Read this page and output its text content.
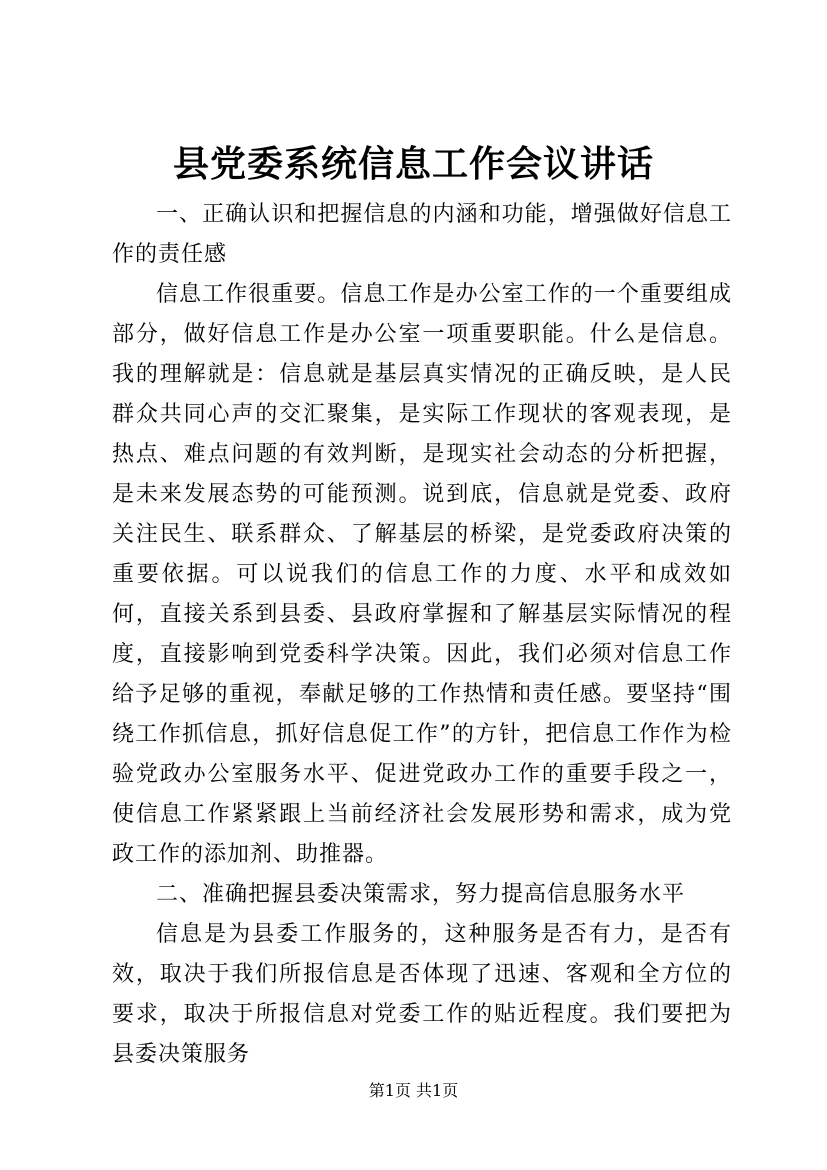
县党委系统信息工作会议讲话

一、正确认识和把握信息的内涵和功能，增强做好信息工作的责任感

信息工作很重要。信息工作是办公室工作的一个重要组成部分，做好信息工作是办公室一项重要职能。什么是信息。我的理解就是：信息就是基层真实情况的正确反映，是人民群众共同心声的交汇聚集，是实际工作现状的客观表现，是热点、难点问题的有效判断，是现实社会动态的分析把握，是未来发展态势的可能预测。说到底，信息就是党委、政府关注民生、联系群众、了解基层的桥梁，是党委政府决策的重要依据。可以说我们的信息工作的力度、水平和成效如何，直接关系到县委、县政府掌握和了解基层实际情况的程度，直接影响到党委科学决策。因此，我们必须对信息工作给予足够的重视，奉献足够的工作热情和责任感。要坚持“围绕工作抓信息，抓好信息促工作”的方针，把信息工作作为检验党政办公室服务水平、促进党政办工作的重要手段之一，使信息工作紧紧跟上当前经济社会发展形势和需求，成为党政工作的添加剂、助推器。

二、准确把握县委决策需求，努力提高信息服务水平

信息是为县委工作服务的，这种服务是否有力，是否有效，取决于我们所报信息是否体现了迅速、客观和全方位的要求，取决于所报信息对党委工作的贴近程度。我们要把为县委决策服务

第1页 共1页
